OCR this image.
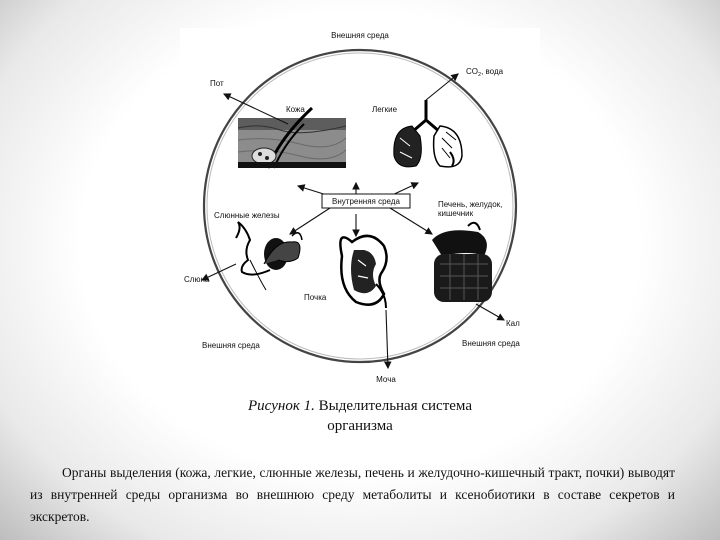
Внешняя среда
Пот
$CO_2$, вода
Кожа	Легкие
Внутренняя среда
Слюнные железы
Печень, желудок, кишечник
Слюна
Почка
Кал
Внешняя среда	Внешняя среда
Моча
Рисунок 1. Выделительная система
организма
Органы выделения (кожа, легкие, слюнные железы, печень и желудочно-кишечный тракт, почки) выводят из внутренней среды организма во внешнюю среду метаболиты и ксенобиотики в составе секретов и экскретов.
